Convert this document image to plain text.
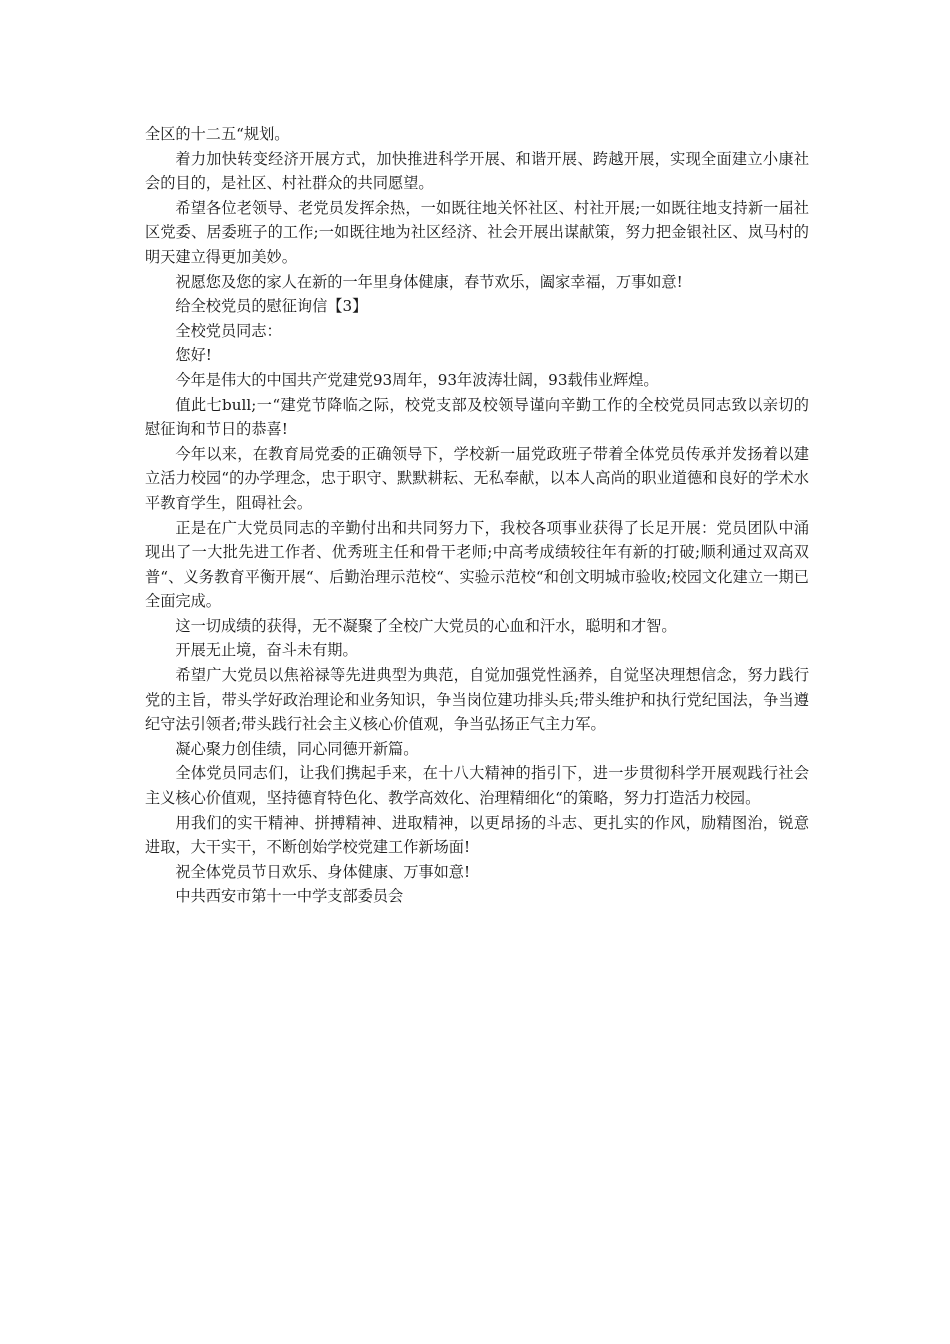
全区的十二五“规划。

着力加快转变经济开展方式，加快推进科学开展、和谐开展、跨越开展，实现全面建立小康社会的目的，是社区、村社群众的共同愿望。

希望各位老领导、老党员发挥余热，一如既往地关怀社区、村社开展;一如既往地支持新一届社区党委、居委班子的工作;一如既往地为社区经济、社会开展出谋献策，努力把金银社区、岚马村的明天建立得更加美妙。

祝愿您及您的家人在新的一年里身体健康，春节欢乐，阖家幸福，万事如意!

给全校党员的慰征询信【3】

全校党员同志：

您好!

今年是伟大的中国共产党建党93周年，93年波涛壮阔，93载伟业辉煌。

值此七bull;一“建党节降临之际，校党支部及校领导谨向辛勤工作的全校党员同志致以亲切的慰征询和节日的恭喜!

今年以来，在教育局党委的正确领导下，学校新一届党政班子带着全体党员传承并发扬着以建立活力校园“的办学理念，忠于职守、默默耕耘、无私奉献，以本人高尚的职业道德和良好的学术水平教育学生，阻碍社会。

正是在广大党员同志的辛勤付出和共同努力下，我校各项事业获得了长足开展：党员团队中涌现出了一大批先进工作者、优秀班主任和骨干老师;中高考成绩较往年有新的打破;顺利通过双高双普“、义务教育平衡开展“、后勤治理示范校“、实验示范校“和创文明城市验收;校园文化建立一期已全面完成。

这一切成绩的获得，无不凝聚了全校广大党员的心血和汗水，聪明和才智。

开展无止境，奋斗未有期。

希望广大党员以焦裕禄等先进典型为典范，自觉加强党性涵养，自觉坚决理想信念，努力践行党的主旨，带头学好政治理论和业务知识，争当岗位建功排头兵;带头维护和执行党纪国法，争当遵纪守法引领者;带头践行社会主义核心价值观，争当弘扬正气主力军。

凝心聚力创佳绩，同心同德开新篇。

全体党员同志们，让我们携起手来，在十八大精神的指引下，进一步贯彻科学开展观践行社会主义核心价值观，坚持德育特色化、教学高效化、治理精细化“的策略，努力打造活力校园。

用我们的实干精神、拼搏精神、进取精神，以更昂扬的斗志、更扎实的作风，励精图治，锐意进取，大干实干，不断创始学校党建工作新场面!

祝全体党员节日欢乐、身体健康、万事如意!

中共西安市第十一中学支部委员会
